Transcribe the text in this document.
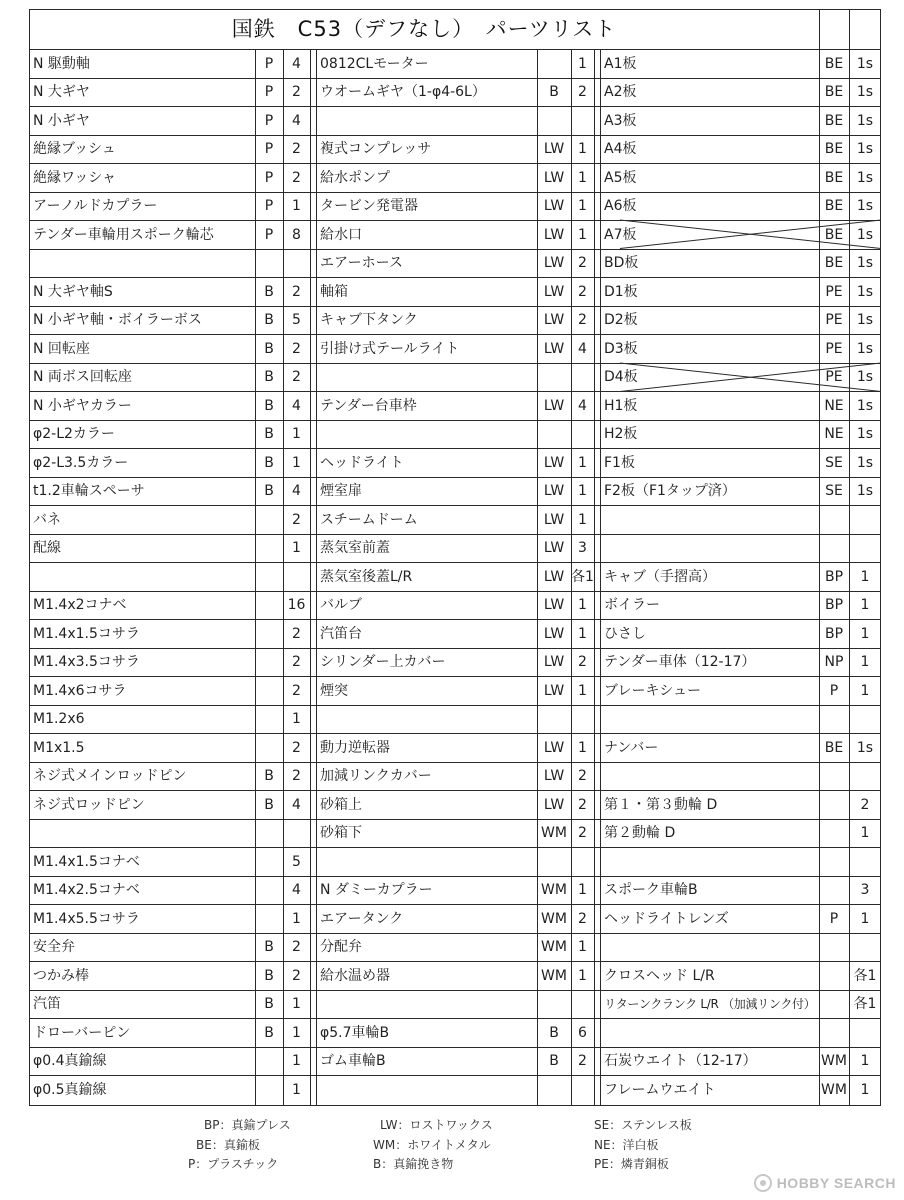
国鉄　C53（デフなし）　パーツリスト
N 駆動軸	P	4
N 大ギヤ	P	2
N 小ギヤ	P	4
絶縁ブッシュ	P	2
絶縁ワッシャ	P	2
アーノルドカプラー	P	1
テンダー車輪用スポーク輪芯	P	8
N 大ギヤ軸S	B	2
N 小ギヤ軸・ボイラーボス	B	5
N 回転座	B	2
N 両ボス回転座	B	2
N 小ギヤカラー	B	4
φ2-L2カラー	B	1
φ2-L3.5カラー	B	1
t1.2車輪スペーサ	B	4
バネ	2
配線	1
M1.4x2コナベ	16
M1.4x1.5コサラ	2
M1.4x3.5コサラ	2
M1.4x6コサラ	2
M1.2x6	1
M1x1.5	2
ネジ式メインロッドピン	B	2
ネジ式ロッドピン	B	4
M1.4x1.5コナベ	5
M1.4x2.5コナベ	4
M1.4x5.5コサラ	1
安全弁	B	2
つかみ棒	B	2
汽笛	B	1
ドローバーピン	B	1
φ0.4真鍮線	1
φ0.5真鍮線	1
0812CLモーター	1
ウオームギヤ（1-φ4-6L）	B	2
複式コンプレッサ	LW 1
給水ポンプ	LW 1
タービン発電器	LW 1
給水口	LW 1
エアーホース	LW 2
軸箱	LW 2
キャブ下タンク	LW 2
引掛け式テールライト	LW 4
テンダー台車枠	LW 4
ヘッドライト	LW 1
煙室扉	LW 1
スチームドーム	LW 1
蒸気室前蓋	LW 3
蒸気室後蓋L/R	LW 各1
バルブ	LW 1
汽笛台	LW 1
シリンダー上カバー	LW 2
煙突	LW 1
動力逆転器	LW 1
加減リンクカバー	LW 2
砂箱上	LW 2
砂箱下	WM 2
N ダミーカプラー	WM 1
エアータンク	WM 2
分配弁	WM 1
給水温め器	WM 1
φ5.7車輪B	B	6
ゴム車輪B	B	2
A1板	BE 1s
A2板	BE 1s
A3板	BE 1s
A4板	BE 1s
A5板	BE 1s
A6板	BE 1s
A7板	BE 1s
BD板	BE 1s
D1板	PE	1s
D2板	PE	1s
D3板	PE	1s
D4板	PE	1s
H1板	NE 1s
H2板	NE 1s
F1板	SE	1s
F2板（F1タップ済）	SE	1s
キャブ（手摺高）	BP	1
ボイラー	BP	1
ひさし	BP	1
テンダー車体（12-17）	NP	1
ブレーキシュー	P	1
ナンバー	BE 1s
第１・第３動輪 D	2
第２動輪 D	1
スポーク車輪B	3
ヘッドライトレンズ	P	1
クロスヘッド L/R	各1
リターンクランク L/R （加減リンク付）	各1
石炭ウエイト（12-17）	WM 1
フレームウエイト	WM 1
BP：真鍮プレス
BE：真鍮板
P：プラスチック
LW：ロストワックス
WM：ホワイトメタル
B：真鍮挽き物
SE：ステンレス板
NE：洋白板
PE：燐青銅板
HOBBY SEARCH
